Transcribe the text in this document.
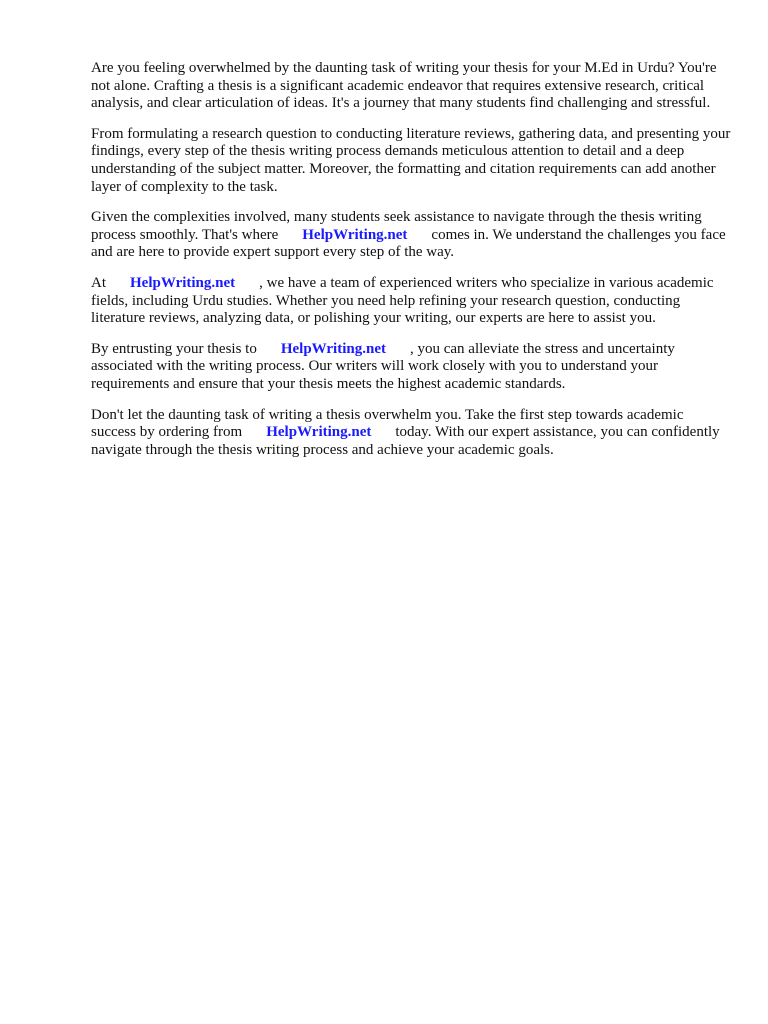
Are you feeling overwhelmed by the daunting task of writing your thesis for your M.Ed in Urdu? You're not alone. Crafting a thesis is a significant academic endeavor that requires extensive research, critical analysis, and clear articulation of ideas. It's a journey that many students find challenging and stressful.

From formulating a research question to conducting literature reviews, gathering data, and presenting your findings, every step of the thesis writing process demands meticulous attention to detail and a deep understanding of the subject matter. Moreover, the formatting and citation requirements can add another layer of complexity to the task.

Given the complexities involved, many students seek assistance to navigate through the thesis writing process smoothly. That's where HelpWriting.net comes in. We understand the challenges you face and are here to provide expert support every step of the way.

At HelpWriting.net , we have a team of experienced writers who specialize in various academic fields, including Urdu studies. Whether you need help refining your research question, conducting literature reviews, analyzing data, or polishing your writing, our experts are here to assist you.

By entrusting your thesis to HelpWriting.net , you can alleviate the stress and uncertainty associated with the writing process. Our writers will work closely with you to understand your requirements and ensure that your thesis meets the highest academic standards.

Don't let the daunting task of writing a thesis overwhelm you. Take the first step towards academic success by ordering from HelpWriting.net today. With our expert assistance, you can confidently navigate through the thesis writing process and achieve your academic goals.
